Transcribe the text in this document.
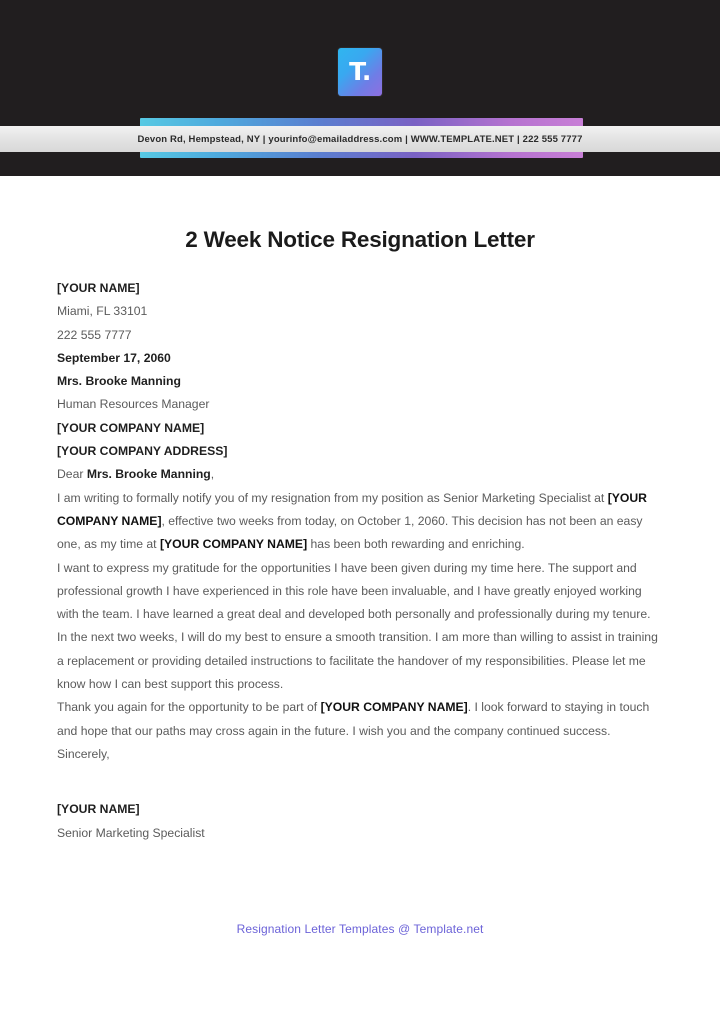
T.
Devon Rd, Hempstead, NY | yourinfo@emailaddress.com | WWW.TEMPLATE.NET | 222 555 7777
2 Week Notice Resignation Letter
[YOUR NAME]
Miami, FL 33101
222 555 7777
September 17, 2060
Mrs. Brooke Manning
Human Resources Manager
[YOUR COMPANY NAME]
[YOUR COMPANY ADDRESS]
Dear Mrs. Brooke Manning,

I am writing to formally notify you of my resignation from my position as Senior Marketing Specialist at [YOUR COMPANY NAME], effective two weeks from today, on October 1, 2060. This decision has not been an easy one, as my time at [YOUR COMPANY NAME] has been both rewarding and enriching.

I want to express my gratitude for the opportunities I have been given during my time here. The support and professional growth I have experienced in this role have been invaluable, and I have greatly enjoyed working with the team. I have learned a great deal and developed both personally and professionally during my tenure.

In the next two weeks, I will do my best to ensure a smooth transition. I am more than willing to assist in training a replacement or providing detailed instructions to facilitate the handover of my responsibilities. Please let me know how I can best support this process.

Thank you again for the opportunity to be part of [YOUR COMPANY NAME]. I look forward to staying in touch and hope that our paths may cross again in the future. I wish you and the company continued success.

Sincerely,
[YOUR NAME]
Senior Marketing Specialist
Resignation Letter Templates @ Template.net
